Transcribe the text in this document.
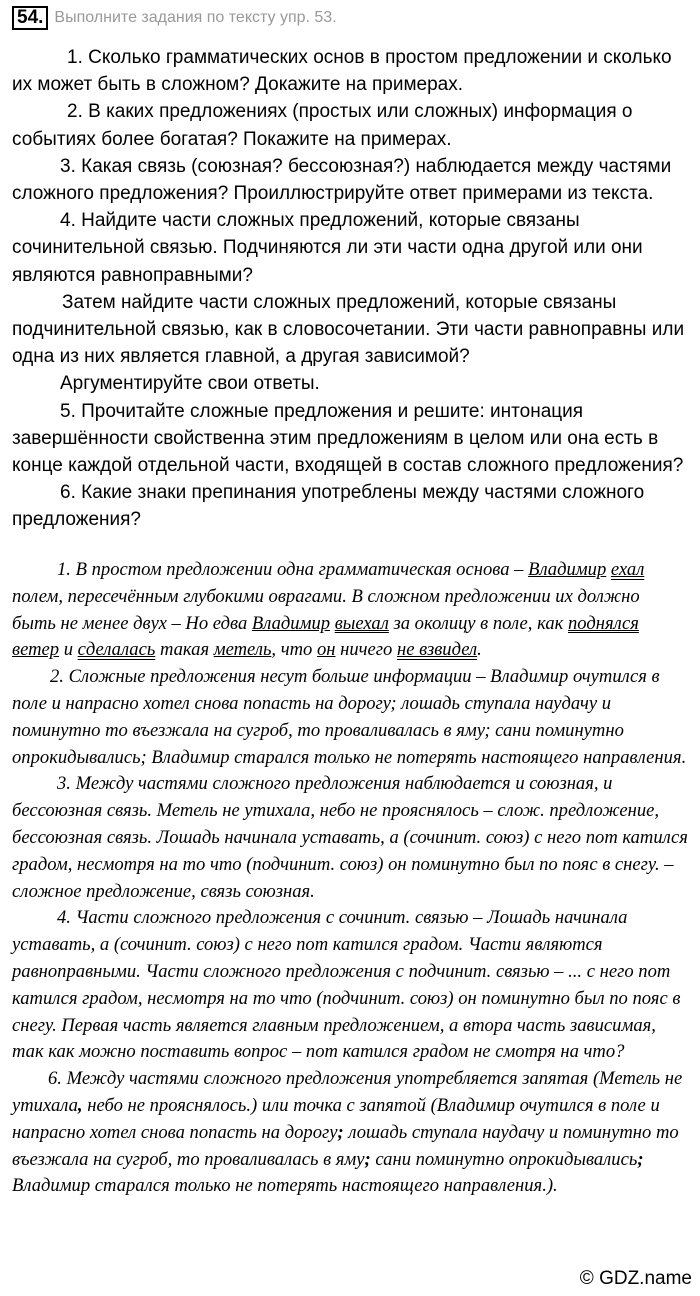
54. Выполните задания по тексту упр. 53.

1. Сколько грамматических основ в простом предложении и сколько их может быть в сложном? Докажите на примерах.

2. В каких предложениях (простых или сложных) информация о событиях более богатая? Покажите на примерах.

3. Какая связь (союзная? бессоюзная?) наблюдается между частями сложного предложения? Проиллюстрируйте ответ примерами из текста.

4. Найдите части сложных предложений, которые связаны сочинительной связью. Подчиняются ли эти части одна другой или они являются равноправными?

Затем найдите части сложных предложений, которые связаны подчинительной связью, как в словосочетании. Эти части равноправны или одна из них является главной, а другая зависимой?

Аргументируйте свои ответы.

5. Прочитайте сложные предложения и решите: интонация завершённости свойственна этим предложениям в целом или она есть в конце каждой отдельной части, входящей в состав сложного предложения?

6. Какие знаки препинания употреблены между частями сложного предложения?

1. В простом предложении одна грамматическая основа – Владимир ехал полем, пересечённым глубокими оврагами. В сложном предложении их должно быть не менее двух – Но едва Владимир выехал за околицу в поле, как поднялся ветер и сделалась такая метель, что он ничего не взвидел.

2. Сложные предложения несут больше информации – Владимир очутился в поле и напрасно хотел снова попасть на дорогу; лошадь ступала наудачу и поминутно то въезжала на сугроб, то проваливалась в яму; сани поминутно опрокидывались; Владимир старался только не потерять настоящего направления.

3. Между частями сложного предложения наблюдается и союзная, и бессоюзная связь. Метель не утихала, небо не прояснялось – слож. предложение, бессоюзная связь. Лошадь начинала уставать, а (сочинит. союз) с него пот катился градом, несмотря на то что (подчинит. союз) он поминутно был по пояс в снегу. – сложное предложение, связь союзная.

4. Части сложного предложения с сочинит. связью – Лошадь начинала уставать, а (сочинит. союз) с него пот катился градом. Части являются равноправными. Части сложного предложения с подчинит. связью – ... с него пот катился градом, несмотря на то что (подчинит. союз) он поминутно был по пояс в снегу. Первая часть является главным предложением, а втора часть зависимая, так как можно поставить вопрос – пот катился градом не смотря на что?

6. Между частями сложного предложения употребляется запятая (Метель не утихала, небо не прояснялось.) или точка с запятой (Владимир очутился в поле и напрасно хотел снова попасть на дорогу; лошадь ступала наудачу и поминутно то въезжала на сугроб, то проваливалась в яму; сани поминутно опрокидывались; Владимир старался только не потерять настоящего направления.).

© GDZ.name
